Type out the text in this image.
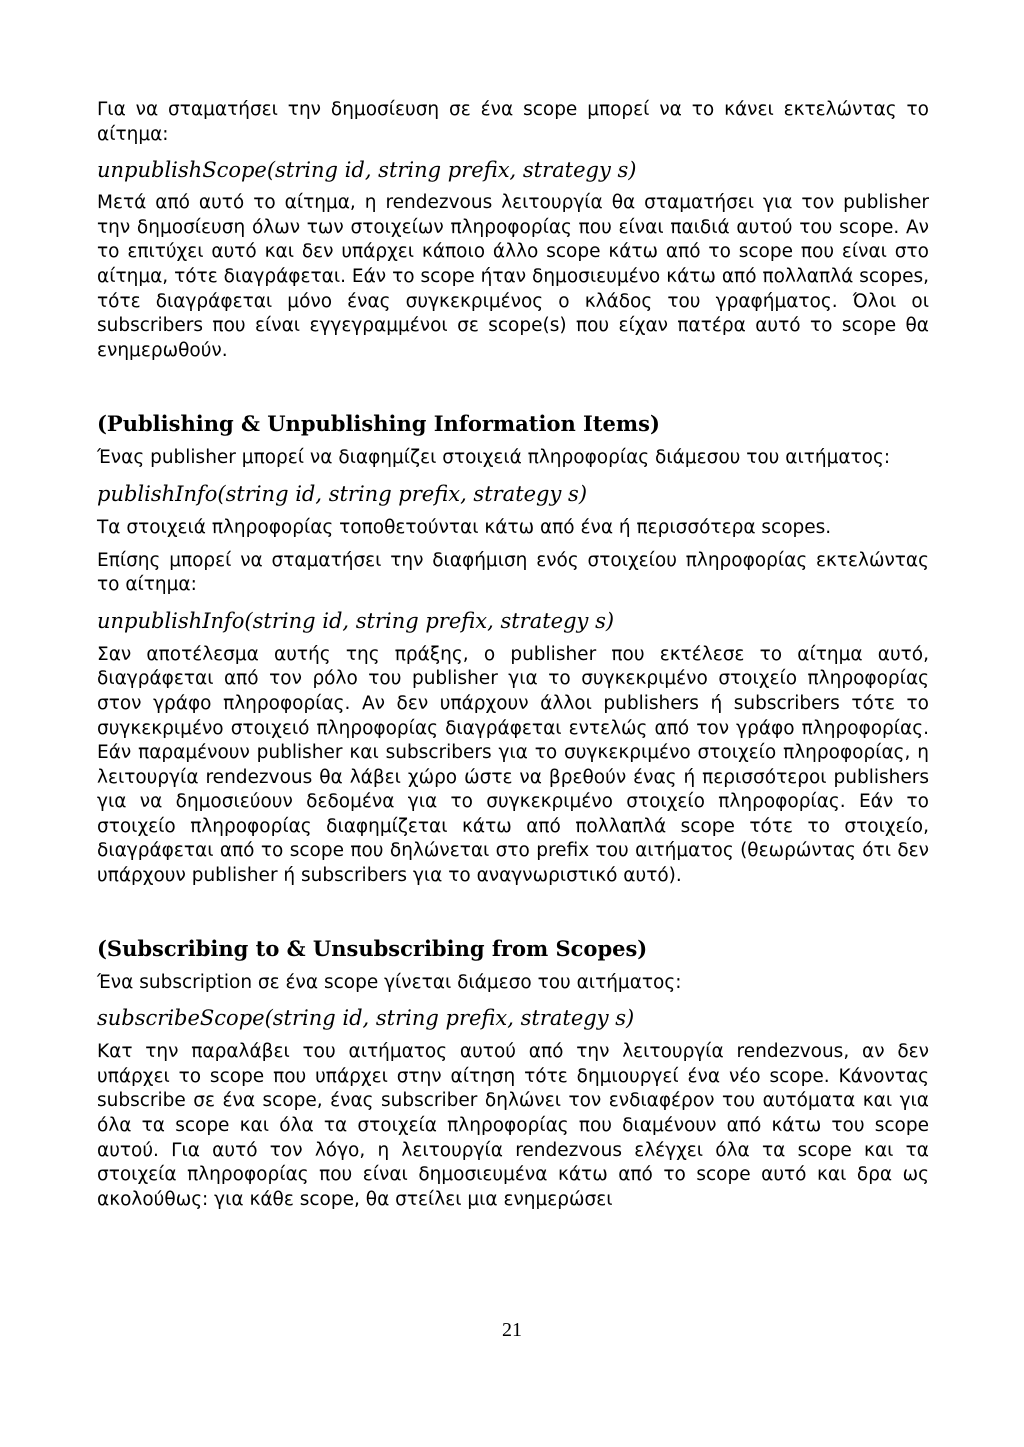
Για να σταματήσει την δημοσίευση σε ένα scope μπορεί να το κάνει εκτελώντας το αίτημα:

unpublishScope(string id, string prefix, strategy s)

Μετά από αυτό το αίτημα, η rendezvous λειτουργία θα σταματήσει για τον publisher την δημοσίευση όλων των στοιχείων πληροφορίας που είναι παιδιά αυτού του scope. Αν το επιτύχει αυτό και δεν υπάρχει κάποιο άλλο scope κάτω από το scope που είναι στο αίτημα, τότε διαγράφεται. Εάν το scope ήταν δημοσιευμένο κάτω από πολλαπλά scopes, τότε διαγράφεται μόνο ένας συγκεκριμένος ο κλάδος του γραφήματος. Όλοι οι subscribers που είναι εγγεγραμμένοι σε scope(s) που είχαν πατέρα αυτό το scope θα ενημερωθούν.

(Publishing & Unpublishing Information Items)

Ένας publisher μπορεί να διαφημίζει στοιχειά πληροφορίας διάμεσου του αιτήματος:

publishInfo(string id, string prefix, strategy s)

Τα στοιχειά πληροφορίας τοποθετούνται κάτω από ένα ή περισσότερα scopes.

Επίσης μπορεί να σταματήσει την διαφήμιση ενός στοιχείου πληροφορίας εκτελώντας το αίτημα:

unpublishInfo(string id, string prefix, strategy s)

Σαν αποτέλεσμα αυτής της πράξης, ο publisher που εκτέλεσε το αίτημα αυτό, διαγράφεται από τον ρόλο του publisher για το συγκεκριμένο στοιχείο πληροφορίας στον γράφο πληροφορίας. Αν δεν υπάρχουν άλλοι publishers ή subscribers τότε το συγκεκριμένο στοιχειό πληροφορίας διαγράφεται εντελώς από τον γράφο πληροφορίας. Εάν παραμένουν publisher και subscribers για το συγκεκριμένο στοιχείο πληροφορίας, η λειτουργία rendezvous θα λάβει χώρο ώστε να βρεθούν ένας ή περισσότεροι publishers για να δημοσιεύουν δεδομένα για το συγκεκριμένο στοιχείο πληροφορίας. Εάν το στοιχείο πληροφορίας διαφημίζεται κάτω από πολλαπλά scope τότε το στοιχείο, διαγράφεται από το scope που δηλώνεται στο prefix του αιτήματος (θεωρώντας ότι δεν υπάρχουν publisher ή subscribers για το αναγνωριστικό αυτό).

(Subscribing to & Unsubscribing from Scopes)

Ένα subscription σε ένα scope γίνεται διάμεσο του αιτήματος:

subscribeScope(string id, string prefix, strategy s)

Κατ την παραλάβει του αιτήματος αυτού από την λειτουργία rendezvous, αν δεν υπάρχει το scope που υπάρχει στην αίτηση τότε δημιουργεί ένα νέο scope. Κάνοντας subscribe σε ένα scope, ένας subscriber δηλώνει τον ενδιαφέρον του αυτόματα και για όλα τα scope και όλα τα στοιχεία πληροφορίας που διαμένουν από κάτω του scope αυτού. Για αυτό τον λόγο, η λειτουργία rendezvous ελέγχει όλα τα scope και τα στοιχεία πληροφορίας που είναι δημοσιευμένα κάτω από το scope αυτό και δρα ως ακολούθως: για κάθε scope, θα στείλει μια ενημερώσει

21
